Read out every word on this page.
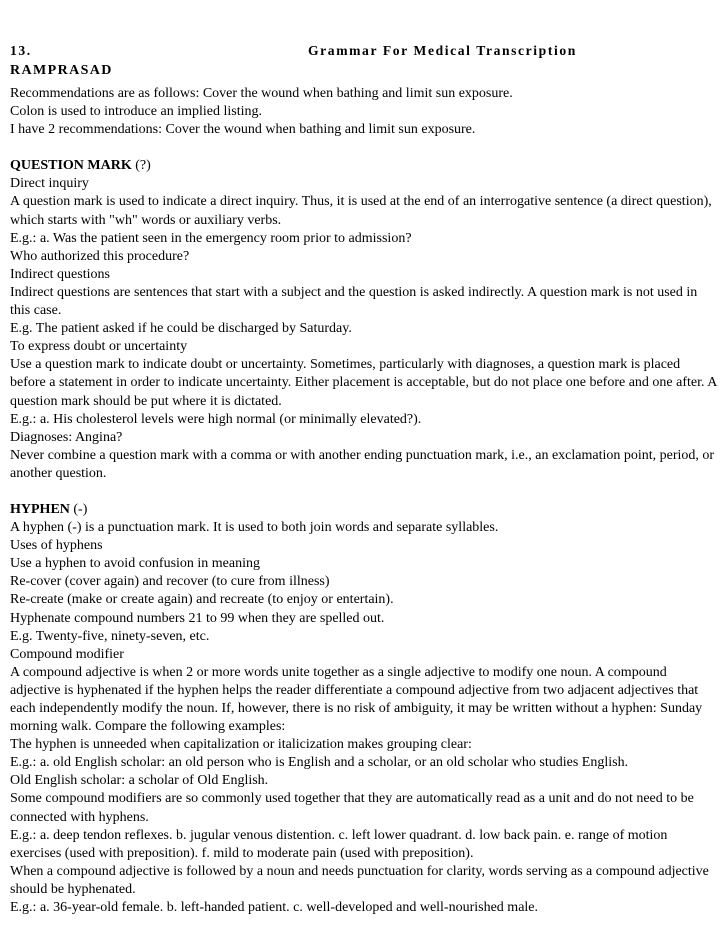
13.	Grammar For Medical Transcription
RAMPRASAD

Recommendations are as follows: Cover the wound when bathing and limit sun exposure.

Colon is used to introduce an implied listing.

I have 2 recommendations: Cover the wound when bathing and limit sun exposure.

QUESTION MARK (?)

Direct inquiry

A question mark is used to indicate a direct inquiry. Thus, it is used at the end of an interrogative sentence (a direct question), which starts with "wh" words or auxiliary verbs.

E.g.: a. Was the patient seen in the emergency room prior to admission?

Who authorized this procedure?

Indirect questions

Indirect questions are sentences that start with a subject and the question is asked indirectly. A question mark is not used in this case.

E.g. The patient asked if he could be discharged by Saturday.

To express doubt or uncertainty

Use a question mark to indicate doubt or uncertainty. Sometimes, particularly with diagnoses, a question mark is placed before a statement in order to indicate uncertainty. Either placement is acceptable, but do not place one before and one after. A question mark should be put where it is dictated.

E.g.: a. His cholesterol levels were high normal (or minimally elevated?).

Diagnoses: Angina?

Never combine a question mark with a comma or with another ending punctuation mark, i.e., an exclamation point, period, or another question.

HYPHEN (-)

A hyphen (-) is a punctuation mark. It is used to both join words and separate syllables.

Uses of hyphens

Use a hyphen to avoid confusion in meaning

Re-cover (cover again) and recover (to cure from illness)

Re-create (make or create again) and recreate (to enjoy or entertain).

Hyphenate compound numbers 21 to 99 when they are spelled out.

E.g. Twenty-five, ninety-seven, etc.

Compound modifier

A compound adjective is when 2 or more words unite together as a single adjective to modify one noun. A compound adjective is hyphenated if the hyphen helps the reader differentiate a compound adjective from two adjacent adjectives that each independently modify the noun. If, however, there is no risk of ambiguity, it may be written without a hyphen: Sunday morning walk. Compare the following examples:

The hyphen is unneeded when capitalization or italicization makes grouping clear:

E.g.: a. old English scholar: an old person who is English and a scholar, or an old scholar who studies English.

Old English scholar: a scholar of Old English.

Some compound modifiers are so commonly used together that they are automatically read as a unit and do not need to be connected with hyphens.

E.g.: a. deep tendon reflexes. b. jugular venous distention. c. left lower quadrant. d. low back pain. e. range of motion exercises (used with preposition). f. mild to moderate pain (used with preposition).

When a compound adjective is followed by a noun and needs punctuation for clarity, words serving as a compound adjective should be hyphenated.

E.g.: a. 36-year-old female. b. left-handed patient. c. well-developed and well-nourished male.
